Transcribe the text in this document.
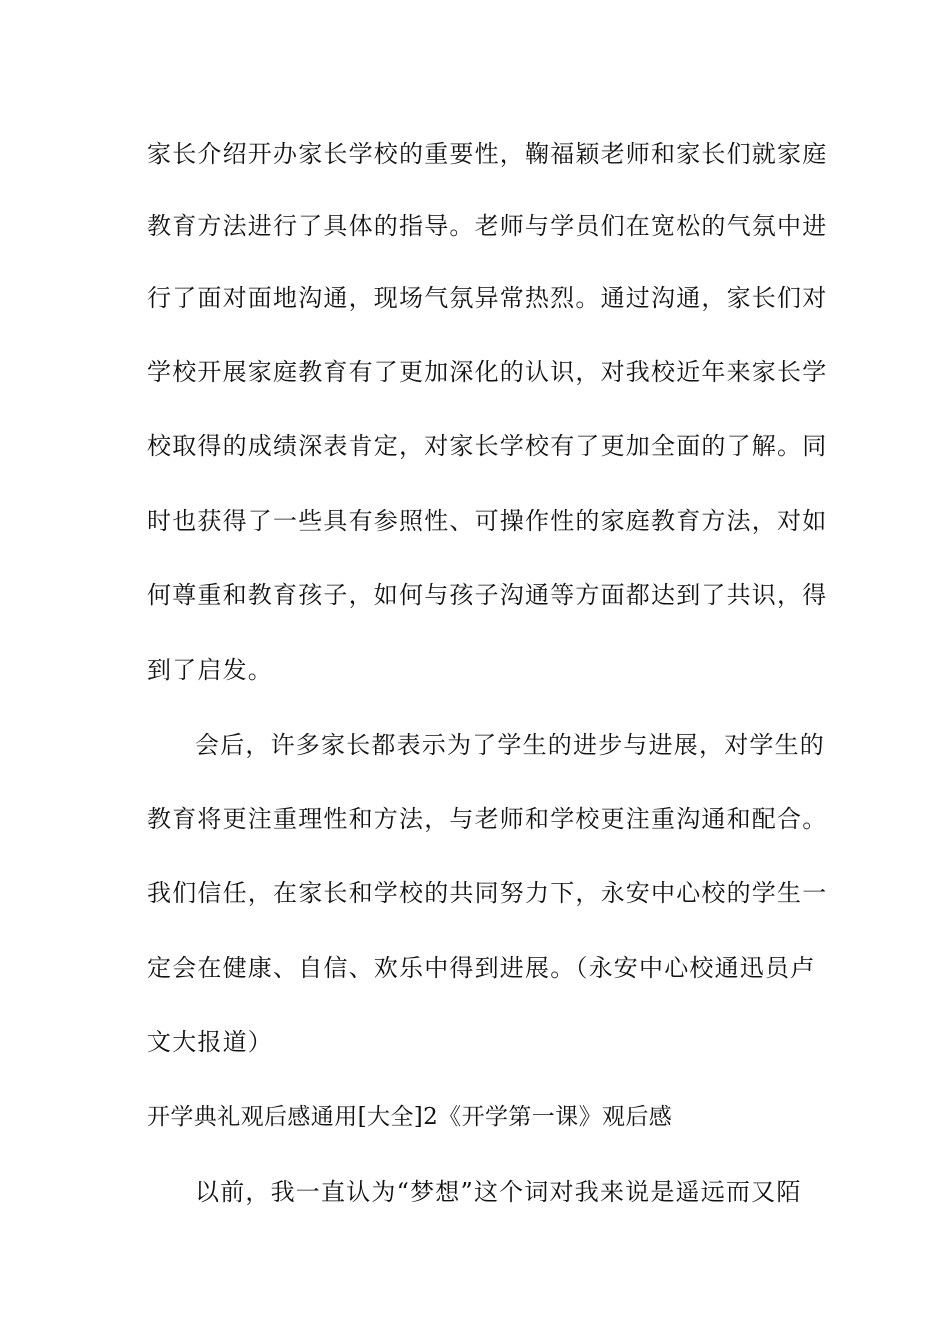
家长介绍开办家长学校的重要性，鞠福颖老师和家长们就家庭
教育方法进行了具体的指导。老师与学员们在宽松的气氛中进
行了面对面地沟通，现场气氛异常热烈。通过沟通，家长们对
学校开展家庭教育有了更加深化的认识，对我校近年来家长学
校取得的成绩深表肯定，对家长学校有了更加全面的了解。同
时也获得了一些具有参照性、可操作性的家庭教育方法，对如
何尊重和教育孩子，如何与孩子沟通等方面都达到了共识，得
到了启发。
会后，许多家长都表示为了学生的进步与进展，对学生的
教育将更注重理性和方法，与老师和学校更注重沟通和配合。
我们信任，在家长和学校的共同努力下，永安中心校的学生一
定会在健康、自信、欢乐中得到进展。（永安中心校通迅员卢
文大报道）
开学典礼观后感通用[大全]2《开学第一课》观后感
以前，我一直认为“梦想”这个词对我来说是遥远而又陌
